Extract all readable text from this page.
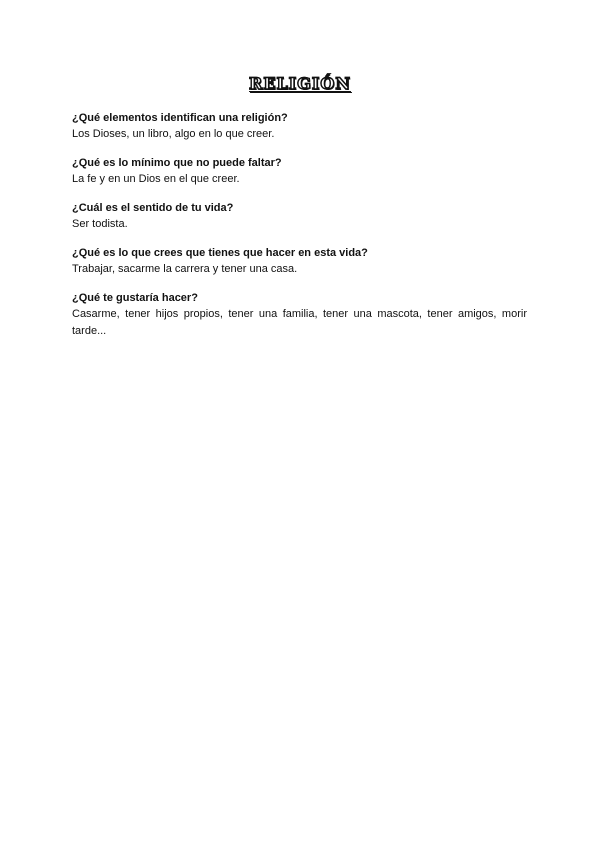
RELIGIÓN
¿Qué elementos identifican una religión?
Los Dioses, un libro, algo en lo que creer.
¿Qué es lo mínimo que no puede faltar?
La fe y en un Dios en el que creer.
¿Cuál es el sentido de tu vida?
Ser todista.
¿Qué es lo que crees que tienes que hacer en esta vida?
Trabajar, sacarme la carrera y tener una casa.
¿Qué te gustaría hacer?
Casarme, tener hijos propios, tener una familia, tener una mascota, tener amigos, morir tarde...
